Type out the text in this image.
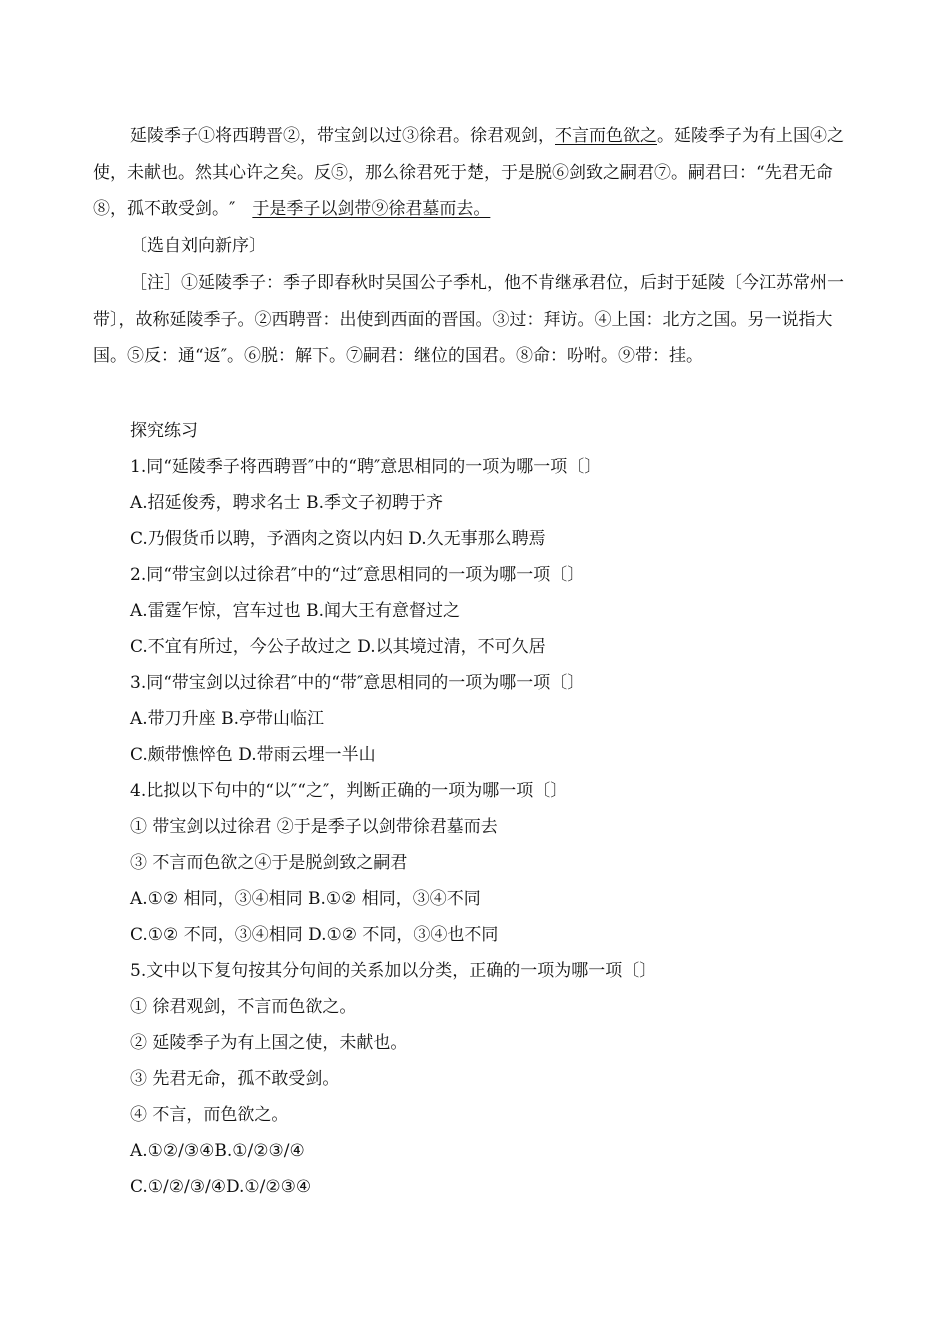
延陵季子①将西聘晋②，带宝剑以过③徐君。徐君观剑，不言而色欲之。延陵季子为有上国④之使，未献也。然其心许之矣。反⑤，那么徐君死于楚，于是脱⑥剑致之嗣君⑦。嗣君曰：“先君无命⑧，孤不敢受剑。″  于是季子以剑带⑨徐君墓而去。

〔选自刘向新序〕

［注］①延陵季子：季子即春秋时吴国公子季札，他不肯继承君位，后封于延陵〔今江苏常州一带〕，故称延陵季子。②西聘晋：出使到西面的晋国。③过：拜访。④上国：北方之国。另一说指大国。⑤反：通“返″。⑥脱：解下。⑦嗣君：继位的国君。⑧命：吩咐。⑨带：挂。

探究练习

1.同“延陵季子将西聘晋″中的“聘″意思相同的一项为哪一项〔〕

A.招延俊秀，聘求名士 B.季文子初聘于齐

C.乃假货币以聘，予酒肉之资以内妇 D.久无事那么聘焉

2.同“带宝剑以过徐君″中的“过″意思相同的一项为哪一项〔〕

A.雷霆乍惊，宫车过也 B.闻大王有意督过之

C.不宜有所过，今公子故过之 D.以其境过清，不可久居

3.同“带宝剑以过徐君″中的“带″意思相同的一项为哪一项〔〕

A.带刀升座 B.亭带山临江

C.颇带憔悴色 D.带雨云埋一半山

4.比拟以下句中的“以″“之″，判断正确的一项为哪一项〔〕

① 带宝剑以过徐君 ②于是季子以剑带徐君墓而去

③ 不言而色欲之④于是脱剑致之嗣君

A.①② 相同，③④相同 B.①② 相同，③④不同

C.①② 不同，③④相同 D.①② 不同，③④也不同

5.文中以下复句按其分句间的关系加以分类，正确的一项为哪一项〔〕

① 徐君观剑，不言而色欲之。

② 延陵季子为有上国之使，未献也。

③ 先君无命，孤不敢受剑。

④ 不言，而色欲之。

A.①②/③④B.①/②③/④

C.①/②/③/④D.①/②③④
